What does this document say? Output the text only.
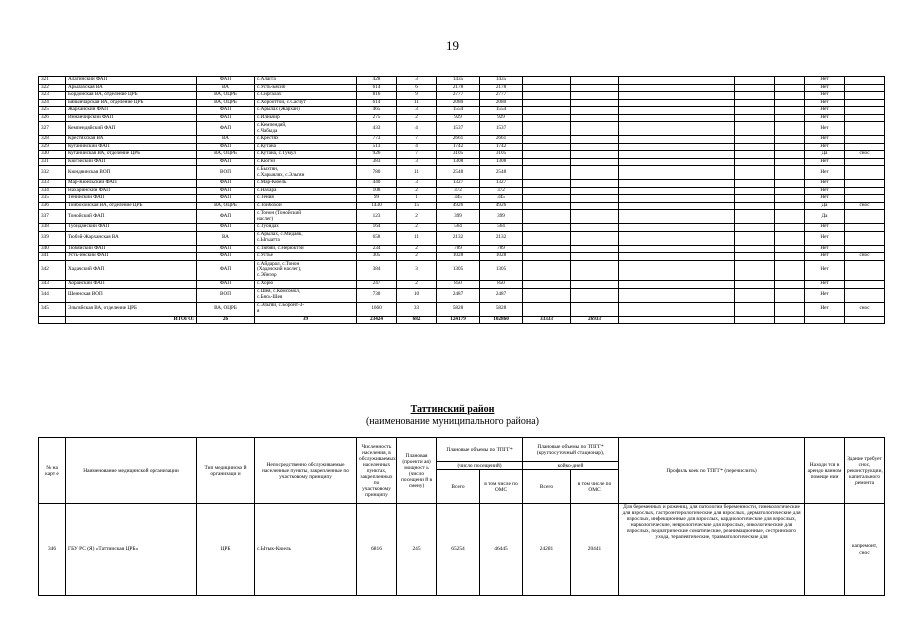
19
321	Алагинский ФАП	ФАП	с.Алагга	428	3	1435	1435						Нет	
322	Арылахская ВА	ВА	с.Усть-Бясиб	614	6	2178	2178						Нет	
323	Бордонская ВА, отделение ЦРБ	ВА, ОЦРБ	с.Сиргалах	816	9	2777	2777						Нет	
324	Бяйыйчарская ВА, отделение ЦРБ	ВА, ОЦРБ	с.Хорооттой, с.Сасчут	614	11	2080	2080						Нет	
325	Жарханский ФАП	ФАП	с.Арылах (Жархан)	465	3	1554	1554						Нет	
326	Иннанчирский ФАП	ФАП	с.Илньчир	275	2	929	929						Нет	
327	Кемпендяйский ФАП	ФАП	с.Кемпендяй,
с.Чабыда	433	4	1537	1537						Нет	
328	Крестяхская ВА	ВА	с.Крестях	773	7	2661	2661						Нет	
329	Кутанинский ФАП	ФАП	с.Кутана	513	4	1742	1742						Нет	
330	Кутанинская ВА, отделение ЦРБ	ВА, ОЦРБ	с.Кутана, с.Тумул	926	7	3105	3105						Да	снос
331	Кюгэйский ФАП	ФАП	с.Кюгэй	383	3	1308	1308						Нет	
332	Кюндяинская ВОП	ВОП	с.Быхтян,
с.Харыялях, с.Эльгян	780	11	2548	2548						Нет	
333	Мар-Кюельский ФАП	ФАП	с.Мар-Кюель	440	3	1327	1327						Нет	
334	Нахаринский ФАП	ФАП	с.Нахара	108	2	372	372						Нет	
335	Тенийский ФАП	ФАП	с.Тенйя	99	1	345	345						Нет	
336	Тойбохойская ВА, отделение ЦРБ	ВА, ОЦРБ	с.Тойбохой	1430	15	4926	4926						Да	снос
337	Тонойский ФАП	ФАП	с.Тонон (Тонойский
наслег)	123	2	399	399						Да	
338	Туойданский ФАП	ФАП	с.Туойдах	164	2	564	564						Нет	
339	Тюбэй-Жарханская ВА	ВА	с.Арылах, с.Мидаяк,
с.Ыгыатта	658	11	2132	2132						Нет	
340	Тюбяйский ФАП	ФАП	с.Тюбяй, с.Нерюктэй	234	2	789	789						Нет	
341	Усть-инский ФАП	ФАП	с.Устье	305	2	1028	1028						Нет	снос
342	Хадачский ФАП	ФАП	с.Айдарал, с.Тонон
(Хадачский наслег),
с.Эйнээр	384	3	1305	1305						Нет	
343	Хорайский ФАП	ФАП	с.Хорю	247	2	850	850						Нет	
344	Шеинская ВОП	ВОП	с.Шея, с.Комсомол,
с.Бясь-Шея	730	10	2487	2487						Нет	
345	Эльгяйская ВА, отделение ЦРБ	ВА, ОЦРБ	с.Эльгяй, с.Боронт-З-
я	1660	33	5828	5828						Нет	снос
	ИТОГО:	26	39	23424	682	124179	102860	33333	26933					
Таттинский район
(наименование муниципального района)
№ на карт е	Наименование медицинской организации	Тип медицинско й организаци и	Непосредственно обслуживаемые населенные пункты, закрепленные по участковому принципу	Численность населения, в обслуживаемых населенных пунктах, закрепленных по участковому принципу	Плановая (проекти ая) мощност ь (число посещени й в смену)	Плановые объемы по ТПГГ*		Плановые объемы по ТПГГ* (круглосуточный стационар),		Профиль коек по ТПГГ* (перечислить)	Находи тся в арендо ванном помеще нии	Здание требует снос, реконструкции, капитального ремонта
						(число посещений)		койко-дней				
						Всего	в том числе по ОМС	Всего	в том числе по ОМС			
346	ГБУ РС (Я) «Таттинская ЦРБ»	ЦРБ	с.Ытык-Кюель	6816	245	65254	46445	24281	20441	Для беременных и рожениц, для патологии беременности, гинекологические для взрослых, гастроэнтерологические для взрослых, дерматологические для взрослых, инфекционные для взрослых, кардиологические для взрослых, наркологические, неврологические для взрослых, онкологические для взрослых, педиатрические соматические, реанимационные, сестринского ухода, терапевтические, травматологические для		капремонт, снос
